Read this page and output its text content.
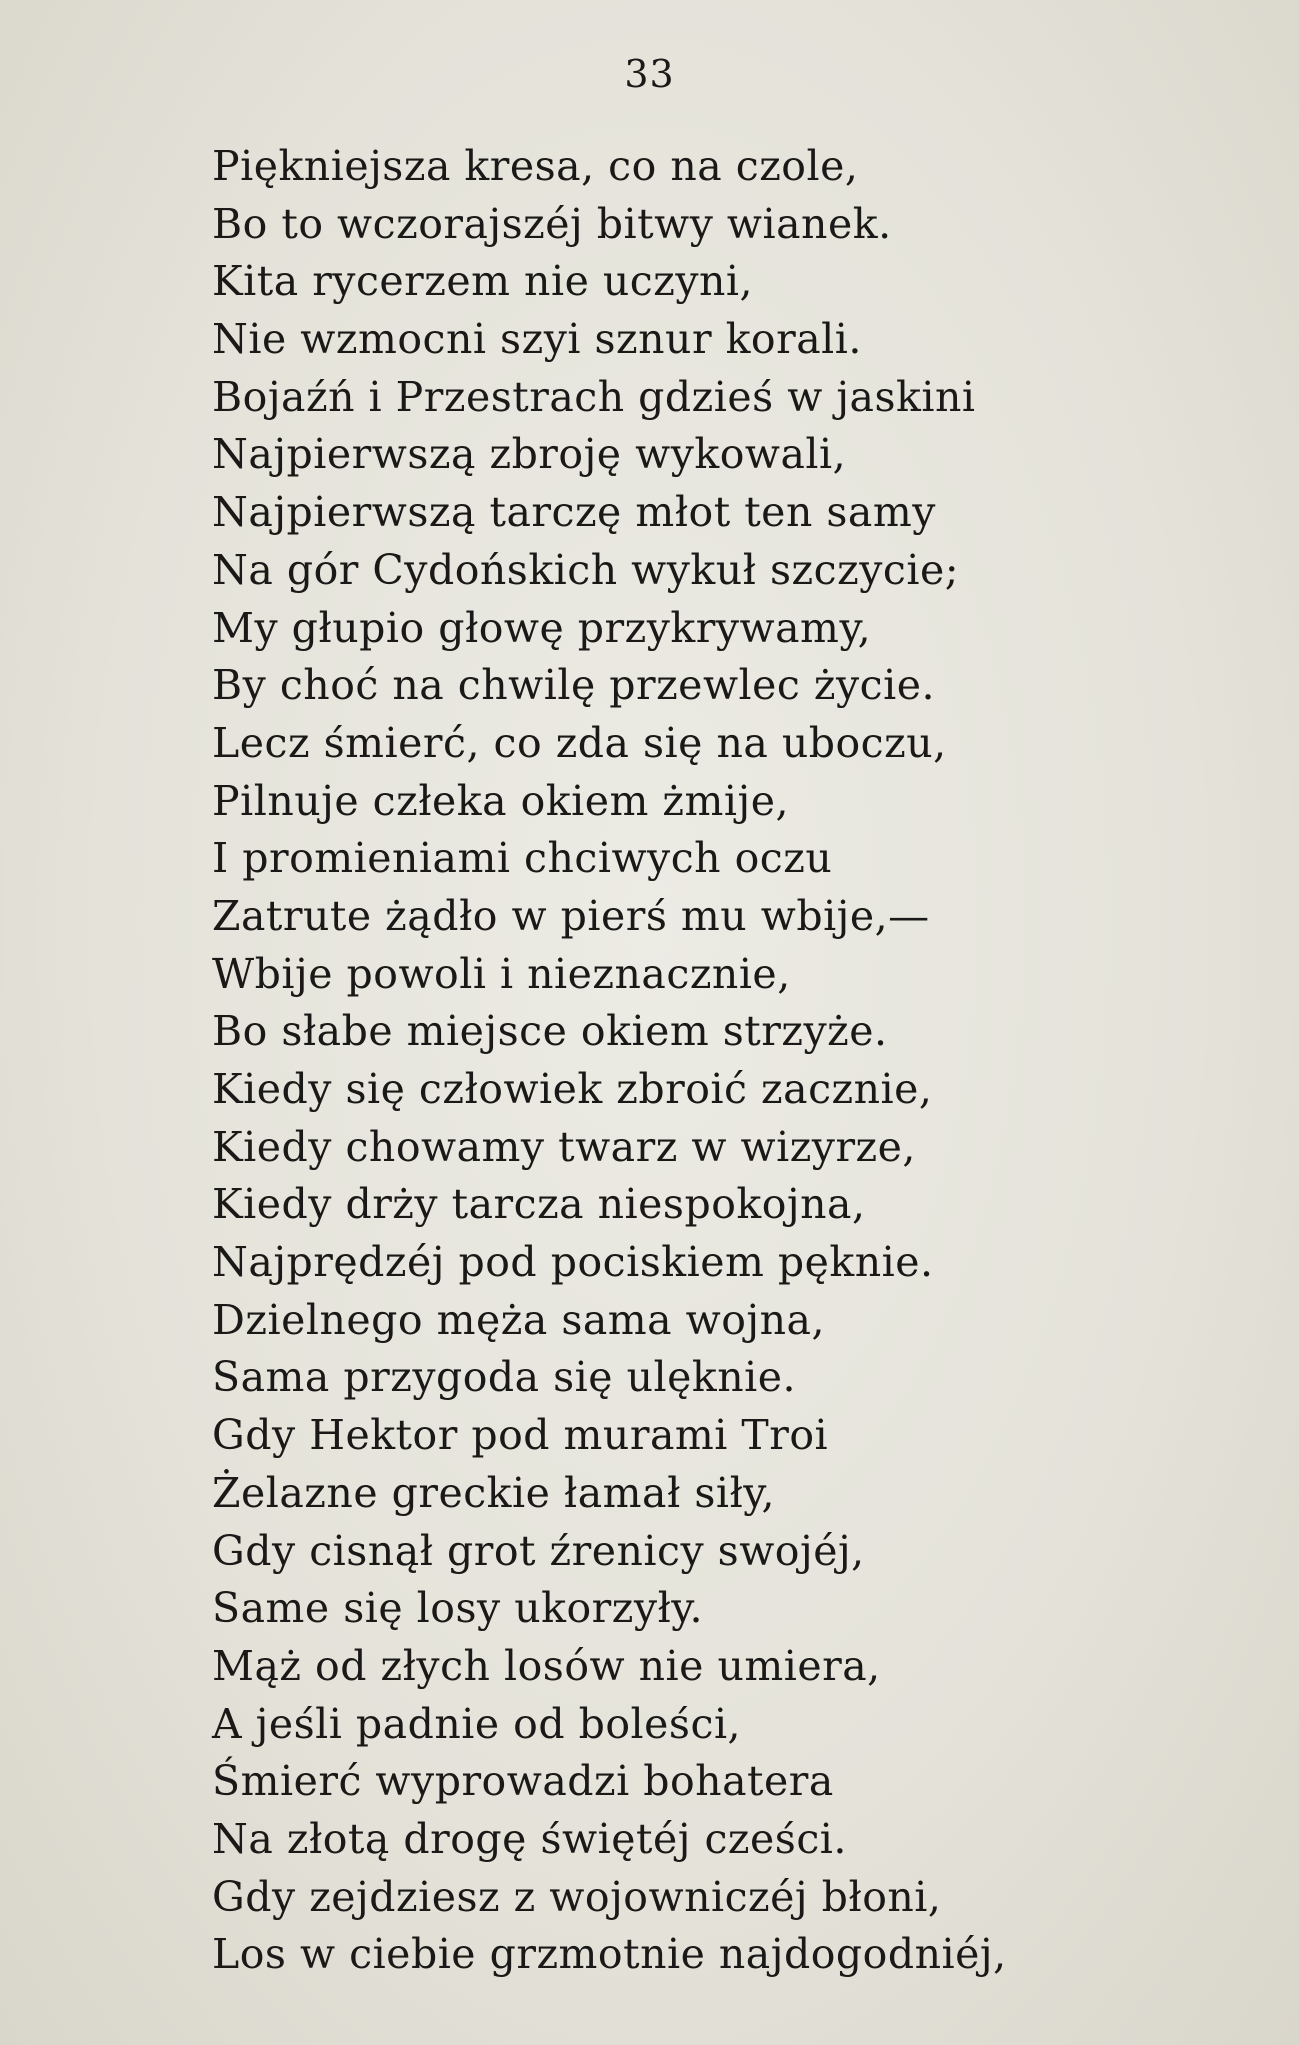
33
Piękniejsza kresa, co na czole,
Bo to wczorajszéj bitwy wianek.
Kita rycerzem nie uczyni,
Nie wzmocni szyi sznur korali.
Bojaźń i Przestrach gdzieś w jaskini
Najpierwszą zbroję wykowali,
Najpierwszą tarczę młot ten samy
Na gór Cydońskich wykuł szczycie;
My głupio głowę przykrywamy,
By choć na chwilę przewlec życie.
Lecz śmierć, co zda się na uboczu,
Pilnuje człeka okiem żmije,
I promieniami chciwych oczu
Zatrute żądło w pierś mu wbije,—
Wbije powoli i nieznacznie,
Bo słabe miejsce okiem strzyże.
Kiedy się człowiek zbroić zacznie,
Kiedy chowamy twarz w wizyrze,
Kiedy drży tarcza niespokojna,
Najprędzéj pod pociskiem pęknie.
Dzielnego męża sama wojna,
Sama przygoda się ulęknie.
Gdy Hektor pod murami Troi
Żelazne greckie łamał siły,
Gdy cisnął grot źrenicy swojéj,
Same się losy ukorzyły.
Mąż od złych losów nie umiera,
A jeśli padnie od boleści,
Śmierć wyprowadzi bohatera
Na złotą drogę świętéj cześci.
Gdy zejdziesz z wojowniczéj błoni,
Los w ciebie grzmotnie najdogodniéj,
